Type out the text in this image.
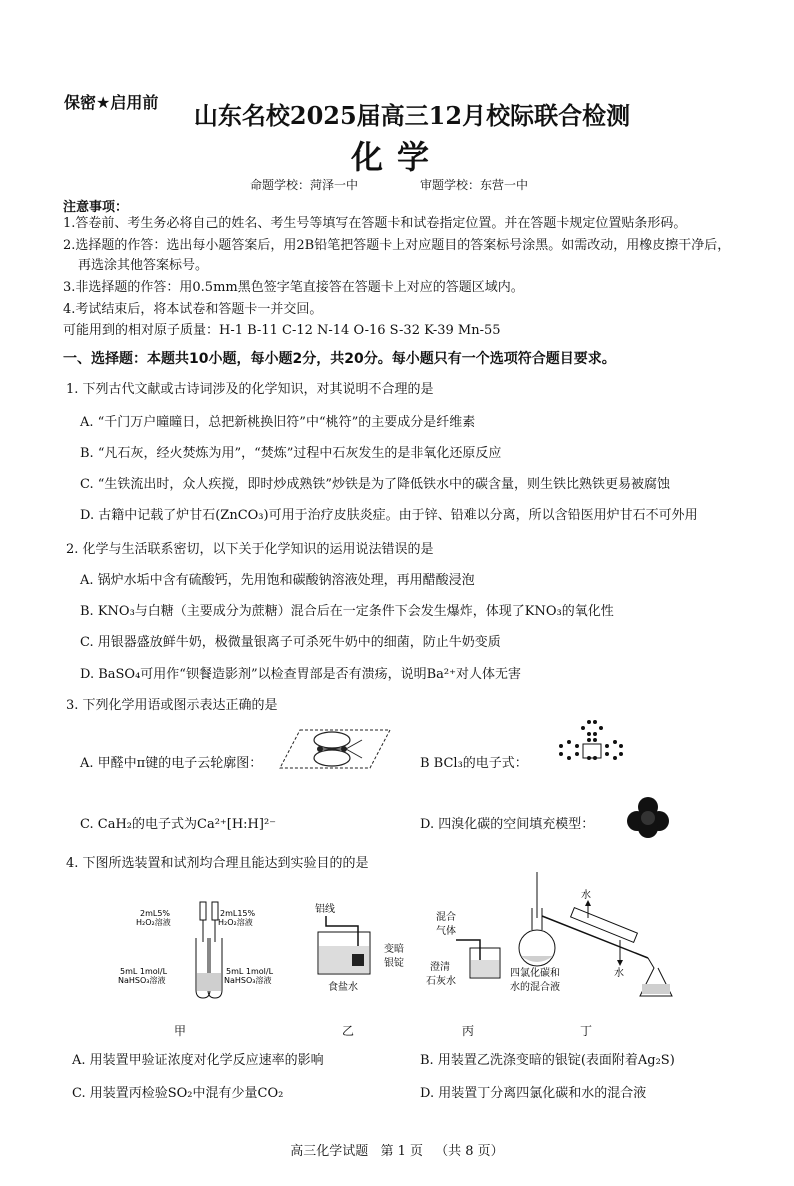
保密★启用前	山东名校2025届高三12月校际联合检测
化学
命题学校：菏泽一中	审题学校：东营一中
注意事项：
1.答卷前、考生务必将自己的姓名、考生号等填写在答题卡和试卷指定位置。并在答题卡规定位置贴条形码。
2.选择题的作答：选出每小题答案后，用2B铅笔把答题卡上对应题目的答案标号涂黑。如需改动，用橡皮擦干净后，
再选涂其他答案标号。
3.非选择题的作答：用0.5mm黑色签字笔直接答在答题卡上对应的答题区域内。
4.考试结束后，将本试卷和答题卡一并交回。
可能用到的相对原子质量：H-1 B-11 C-12 N-14 O-16 S-32 K-39 Mn-55
一、选择题：本题共10小题，每小题2分，共20分。每小题只有一个选项符合题目要求。
1. 下列古代文献或古诗词涉及的化学知识，对其说明不合理的是
A. “千门万户曈曈日，总把新桃换旧符”中“桃符”的主要成分是纤维素
B. “凡石灰，经火焚炼为用”，“焚炼”过程中石灰发生的是非氧化还原反应
C. “生铁流出时，众人疾搅，即时炒成熟铁”炒铁是为了降低铁水中的碳含量，则生铁比熟铁更易被腐蚀
D. 古籍中记载了炉甘石(ZnCO₃)可用于治疗皮肤炎症。由于锌、铅难以分离，所以含铅医用炉甘石不可外用
2. 化学与生活联系密切，以下关于化学知识的运用说法错误的是
A. 锅炉水垢中含有硫酸钙，先用饱和碳酸钠溶液处理，再用醋酸浸泡
B. KNO₃与白糖（主要成分为蔗糖）混合后在一定条件下会发生爆炸，体现了KNO₃的氧化性
C. 用银器盛放鲜牛奶，极微量银离子可杀死牛奶中的细菌，防止牛奶变质
D. BaSO₄可用作“钡餐造影剂”以检查胃部是否有溃疡，说明Ba²⁺对人体无害
3. 下列化学用语或图示表达正确的是
A. 甲醛中π键的电子云轮廓图：	B BCl₃的电子式：
C. CaH₂的电子式为Ca²⁺[H:H]²⁻	D. 四溴化碳的空间填充模型：
4. 下图所选装置和试剂均合理且能达到实验目的的是
2mL5%
H₂O₂溶液
2mL15%
H₂O₂溶液
5mL 1mol/L
NaHSO₃溶液
5mL 1mol/L
NaHSO₃溶液
铝线
变暗
银锭
食盐水
混合
气体
澄清
石灰水
水
水
四氯化碳和
水的混合液
甲	乙	丙	丁
A. 用装置甲验证浓度对化学反应速率的影响	B. 用装置乙洗涤变暗的银锭(表面附着Ag₂S)
C. 用装置丙检验SO₂中混有少量CO₂	D. 用装置丁分离四氯化碳和水的混合液
高三化学试题 第 1 页 （共 8 页）
